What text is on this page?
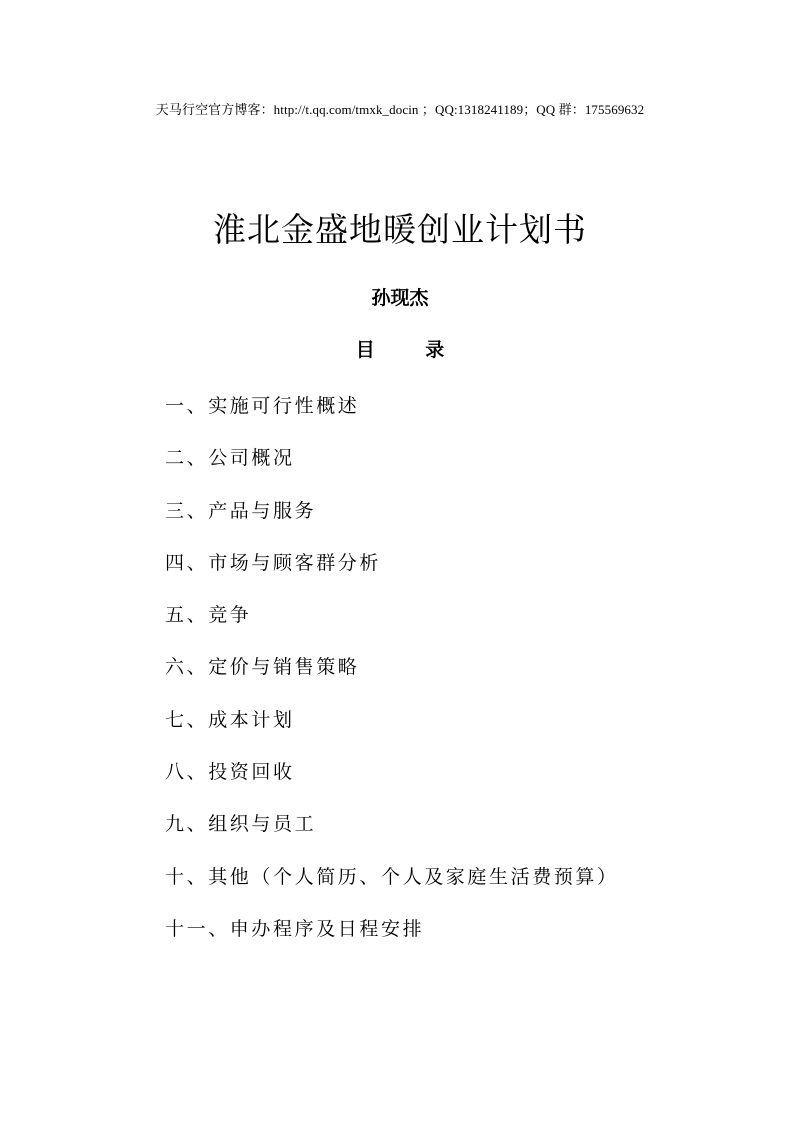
天马行空官方博客：http://t.qq.com/tmxk_docin ；QQ:1318241189；QQ 群：175569632
淮北金盛地暖创业计划书
孙现杰
目 录
一、实施可行性概述
二、公司概况
三、产品与服务
四、市场与顾客群分析
五、竞争
六、定价与销售策略
七、成本计划
八、投资回收
九、组织与员工
十、其他（个人简历、个人及家庭生活费预算）
十一、申办程序及日程安排
